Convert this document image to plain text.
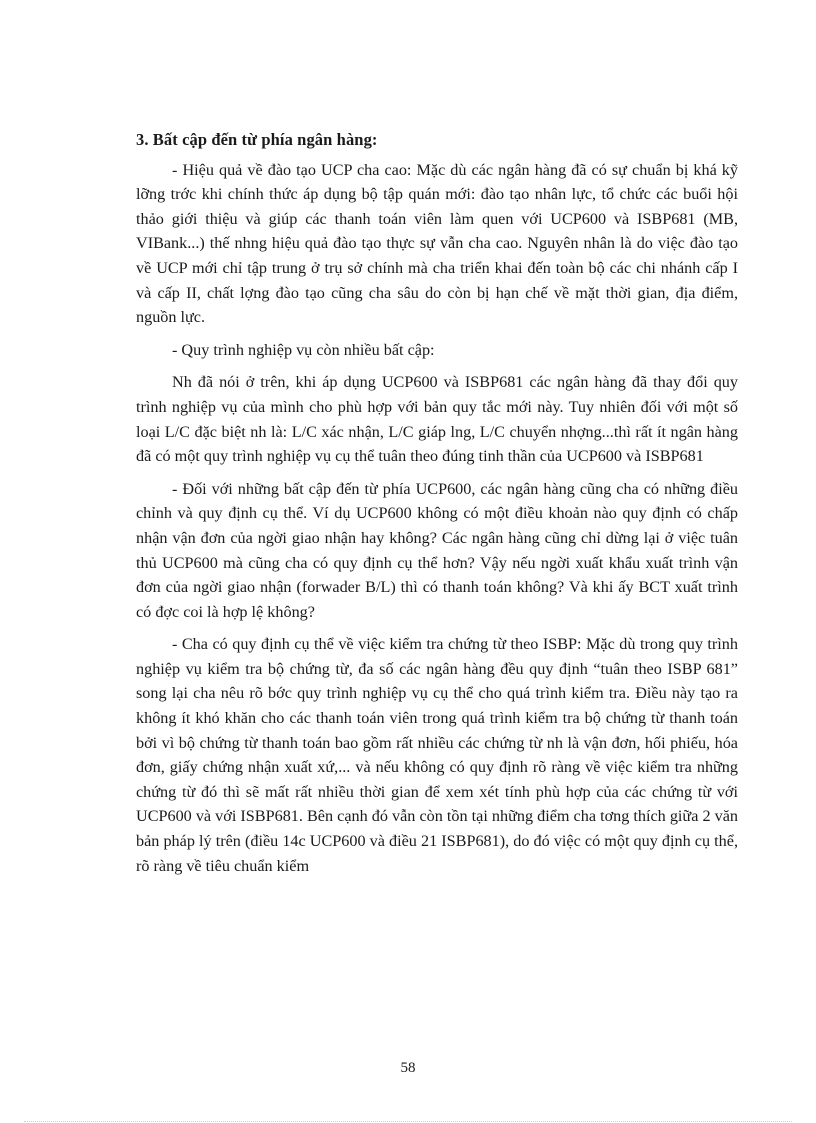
3. Bất cập đến từ phía ngân hàng:

- Hiệu quả về đào tạo UCP cha cao: Mặc dù các ngân hàng đã có sự chuẩn bị khá kỹ lỡng trớc khi chính thức áp dụng bộ tập quán mới: đào tạo nhân lực, tổ chức các buổi hội thảo giới thiệu và giúp các thanh toán viên làm quen với UCP600 và ISBP681 (MB, VIBank...) thế nhng hiệu quả đào tạo thực sự vẫn cha cao. Nguyên nhân là do việc đào tạo về UCP mới chỉ tập trung ở trụ sở chính mà cha triển khai đến toàn bộ các chi nhánh cấp I và cấp II, chất lợng đào tạo cũng cha sâu do còn bị hạn chế về mặt thời gian, địa điểm, nguồn lực.

- Quy trình nghiệp vụ còn nhiều bất cập:

Nh đã nói ở trên, khi áp dụng UCP600 và ISBP681 các ngân hàng đã thay đổi quy trình nghiệp vụ của mình cho phù hợp với bản quy tắc mới này. Tuy nhiên đối với một số loại L/C đặc biệt nh là: L/C xác nhận, L/C giáp lng, L/C chuyển nhợng...thì rất ít ngân hàng đã có một quy trình nghiệp vụ cụ thể tuân theo đúng tinh thần của UCP600 và ISBP681

- Đối với những bất cập đến từ phía UCP600, các ngân hàng cũng cha có những điều chỉnh và quy định cụ thể. Ví dụ UCP600 không có một điều khoản nào quy định có chấp nhận vận đơn của ngời giao nhận hay không? Các ngân hàng cũng chỉ dừng lại ở việc tuân thủ UCP600 mà cũng cha có quy định cụ thể hơn? Vậy nếu ngời xuất khẩu xuất trình vận đơn của ngời giao nhận (forwader B/L) thì có thanh toán không? Và khi ấy BCT xuất trình có đợc coi là hợp lệ không?

- Cha có quy định cụ thể về việc kiểm tra chứng từ theo ISBP: Mặc dù trong quy trình nghiệp vụ kiểm tra bộ chứng từ, đa số các ngân hàng đều quy định “tuân theo ISBP 681” song lại cha nêu rõ bớc quy trình nghiệp vụ cụ thể cho quá trình kiểm tra. Điều này tạo ra không ít khó khăn cho các thanh toán viên trong quá trình kiểm tra bộ chứng từ thanh toán bởi vì bộ chứng từ thanh toán bao gồm rất nhiều các chứng từ nh là vận đơn, hối phiếu, hóa đơn, giấy chứng nhận xuất xứ,... và nếu không có quy định rõ ràng về việc kiểm tra những chứng từ đó thì sẽ mất rất nhiều thời gian để xem xét tính phù hợp của các chứng từ với UCP600 và với ISBP681. Bên cạnh đó vẫn còn tồn tại những điểm cha tơng thích giữa 2 văn bản pháp lý trên (điều 14c UCP600 và điều 21 ISBP681), do đó việc có một quy định cụ thể, rõ ràng về tiêu chuẩn kiểm

58
